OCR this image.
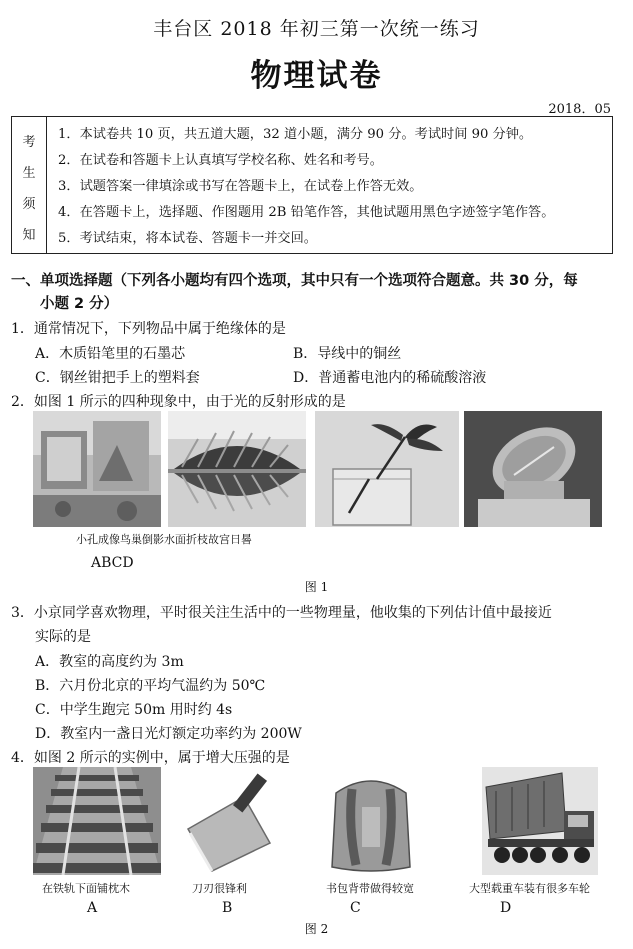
丰台区 2018 年初三第一次统一练习
物理试卷
2018．05
考
生
须
知
1．本试卷共 10 页，共五道大题，32 道小题，满分 90 分。考试时间 90 分钟。
2．在试卷和答题卡上认真填写学校名称、姓名和考号。
3．试题答案一律填涂或书写在答题卡上，在试卷上作答无效。
4．在答题卡上，选择题、作图题用 2B 铅笔作答，其他试题用黑色字迹签字笔作答。
5．考试结束，将本试卷、答题卡一并交回。
一、单项选择题（下列各小题均有四个选项，其中只有一个选项符合题意。共 30 分，每
小题 2 分）
1．通常情况下，下列物品中属于绝缘体的是
A．木质铅笔里的石墨芯	B．导线中的铜丝
C．钢丝钳把手上的塑料套	D．普通蓄电池内的稀硫酸溶液
2．如图 1 所示的四种现象中，由于光的反射形成的是
小孔成像鸟巢倒影水面折枝故宫日晷
ABCD
图 1
3．小京同学喜欢物理，平时很关注生活中的一些物理量，他收集的下列估计值中最接近
实际的是
A．教室的高度约为 3m
B．六月份北京的平均气温约为 50℃
C．中学生跑完 50m 用时约 4s
D．教室内一盏日光灯额定功率约为 200W
4．如图 2 所示的实例中，属于增大压强的是
在铁轨下面铺枕木	刀刃很锋利	书包背带做得较宽	大型载重车装有很多车轮
A	B	C	D
图 2
